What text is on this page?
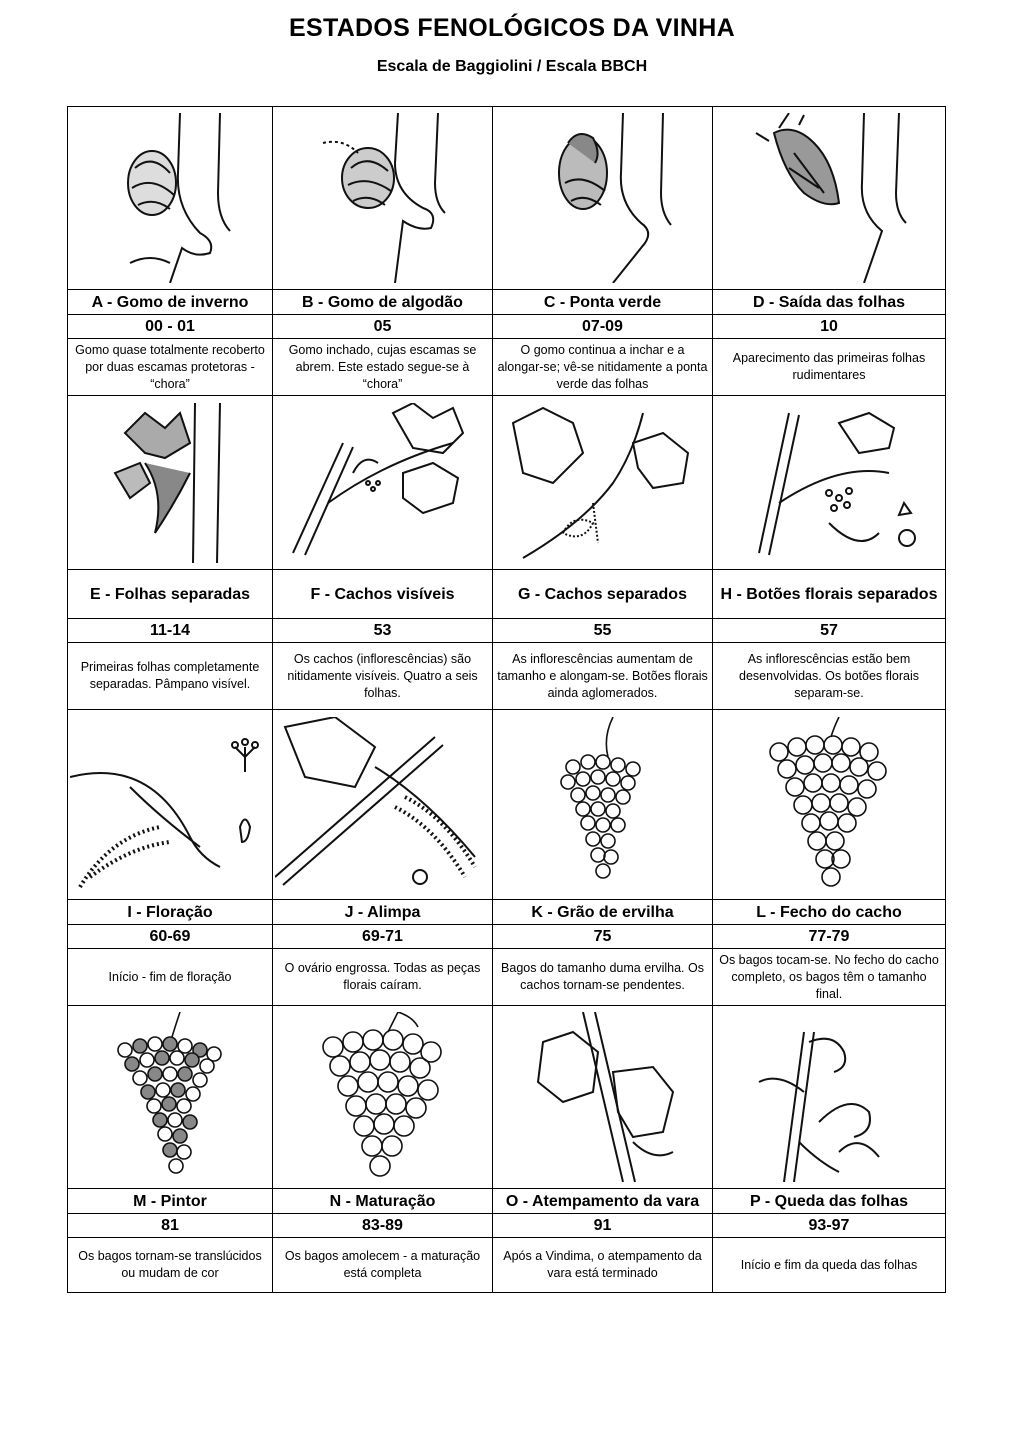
ESTADOS FENOLÓGICOS DA VINHA
Escala de Baggiolini / Escala BBCH

A - Gomo de inverno	B - Gomo de algodão	C - Ponta verde	D - Saída das folhas
00 - 01	05	07-09	10
Gomo quase totalmente recoberto por duas escamas protetoras - “chora”	Gomo inchado, cujas escamas se abrem. Este estado segue-se à “chora”	O gomo continua a inchar e a alongar-se; vê-se nitidamente a ponta verde das folhas	Aparecimento das primeiras folhas rudimentares

E - Folhas separadas	F - Cachos visíveis	G - Cachos separados	H - Botões florais separados
11-14	53	55	57
Primeiras folhas completamente separadas. Pâmpano visível.	Os cachos (inflorescências) são nitidamente visíveis. Quatro a seis folhas.	As inflorescências aumentam de tamanho e alongam-se. Botões florais ainda aglomerados.	As inflorescências estão bem desenvolvidas. Os botões florais separam-se.

I - Floração	J - Alimpa	K - Grão de ervilha	L - Fecho do cacho
60-69	69-71	75	77-79
Início - fim de floração	O ovário engrossa. Todas as peças florais caíram.	Bagos do tamanho duma ervilha. Os cachos tornam-se pendentes.	Os bagos tocam-se. No fecho do cacho completo, os bagos têm o tamanho final.

M - Pintor	N - Maturação	O - Atempamento da vara	P - Queda das folhas
81	83-89	91	93-97
Os bagos tornam-se translúcidos ou mudam de cor	Os bagos amolecem - a maturação está completa	Após a Vindima, o atempamento da vara está terminado	Início e fim da queda das folhas
